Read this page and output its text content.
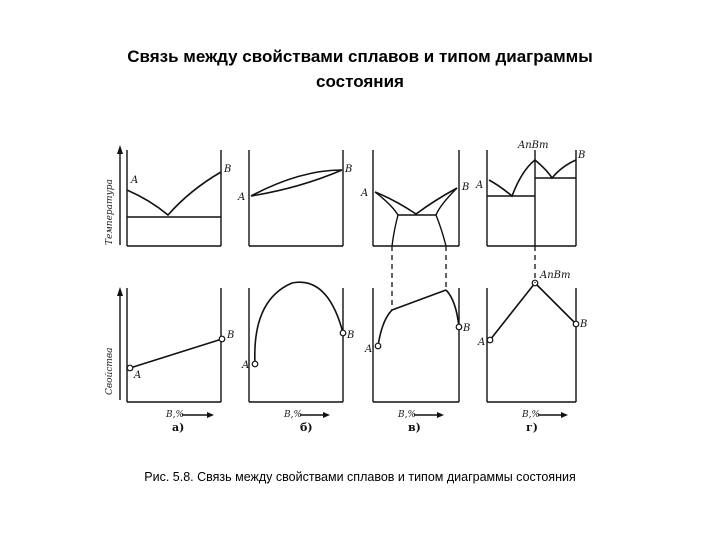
Связь между свойствами сплавов и типом диаграммы
состояния
Температура
Свойства
A
B
A
B
B,%
а)
A
B
A
B
B,%
б)
A
B
A
B
B,%
в)
A
B
AnBm
A
B
AnBm
B,%
г)
Рис. 5.8. Связь между свойствами сплавов и типом диаграммы состояния
